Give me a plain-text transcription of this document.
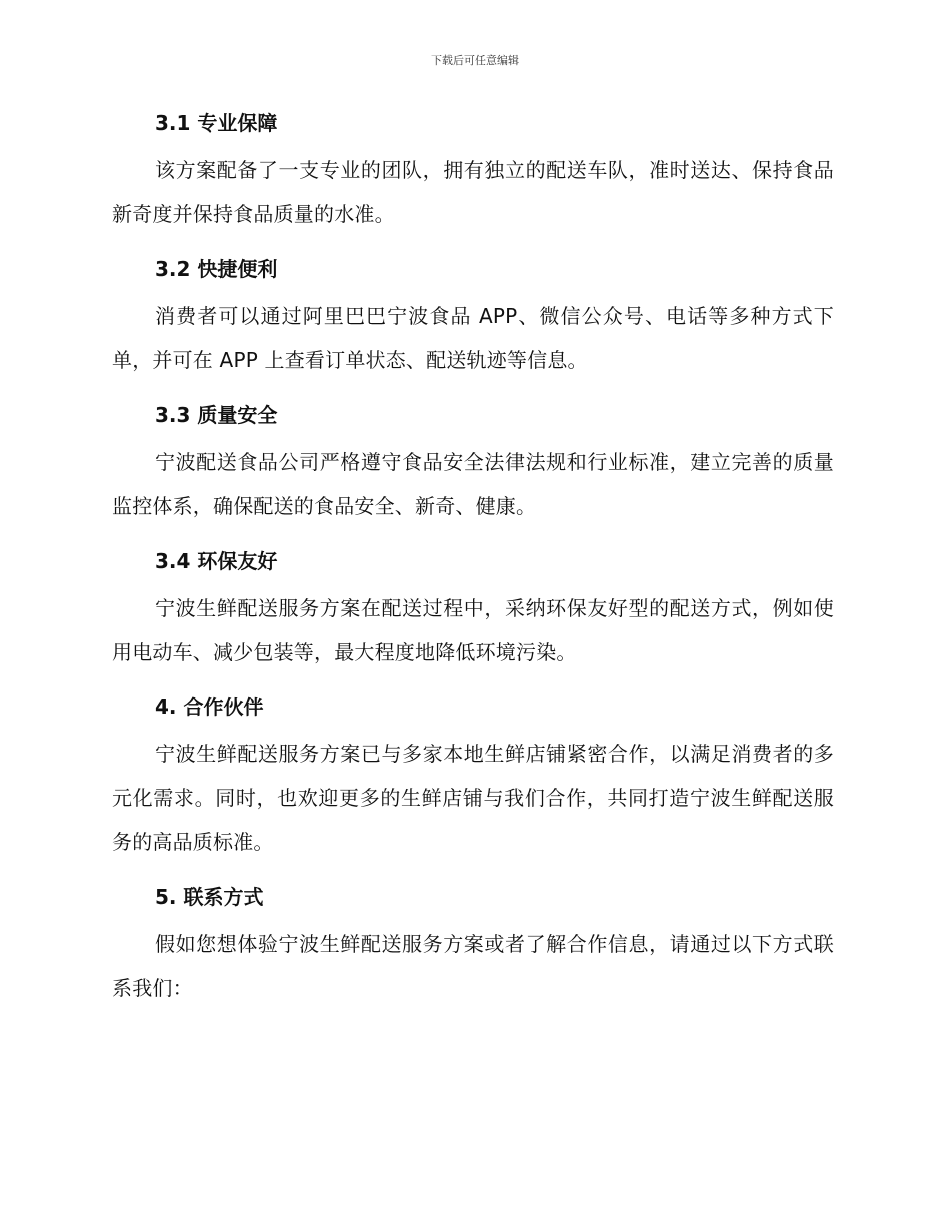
下载后可任意编辑
3.1 专业保障

该方案配备了一支专业的团队，拥有独立的配送车队，准时送达、保持食品新奇度并保持食品质量的水准。

3.2 快捷便利

消费者可以通过阿里巴巴宁波食品 APP、微信公众号、电话等多种方式下单，并可在 APP 上查看订单状态、配送轨迹等信息。

3.3 质量安全

宁波配送食品公司严格遵守食品安全法律法规和行业标准，建立完善的质量监控体系，确保配送的食品安全、新奇、健康。

3.4 环保友好

宁波生鲜配送服务方案在配送过程中，采纳环保友好型的配送方式，例如使用电动车、减少包装等，最大程度地降低环境污染。

4. 合作伙伴

宁波生鲜配送服务方案已与多家本地生鲜店铺紧密合作，以满足消费者的多元化需求。同时，也欢迎更多的生鲜店铺与我们合作，共同打造宁波生鲜配送服务的高品质标准。

5. 联系方式

假如您想体验宁波生鲜配送服务方案或者了解合作信息，请通过以下方式联系我们：
